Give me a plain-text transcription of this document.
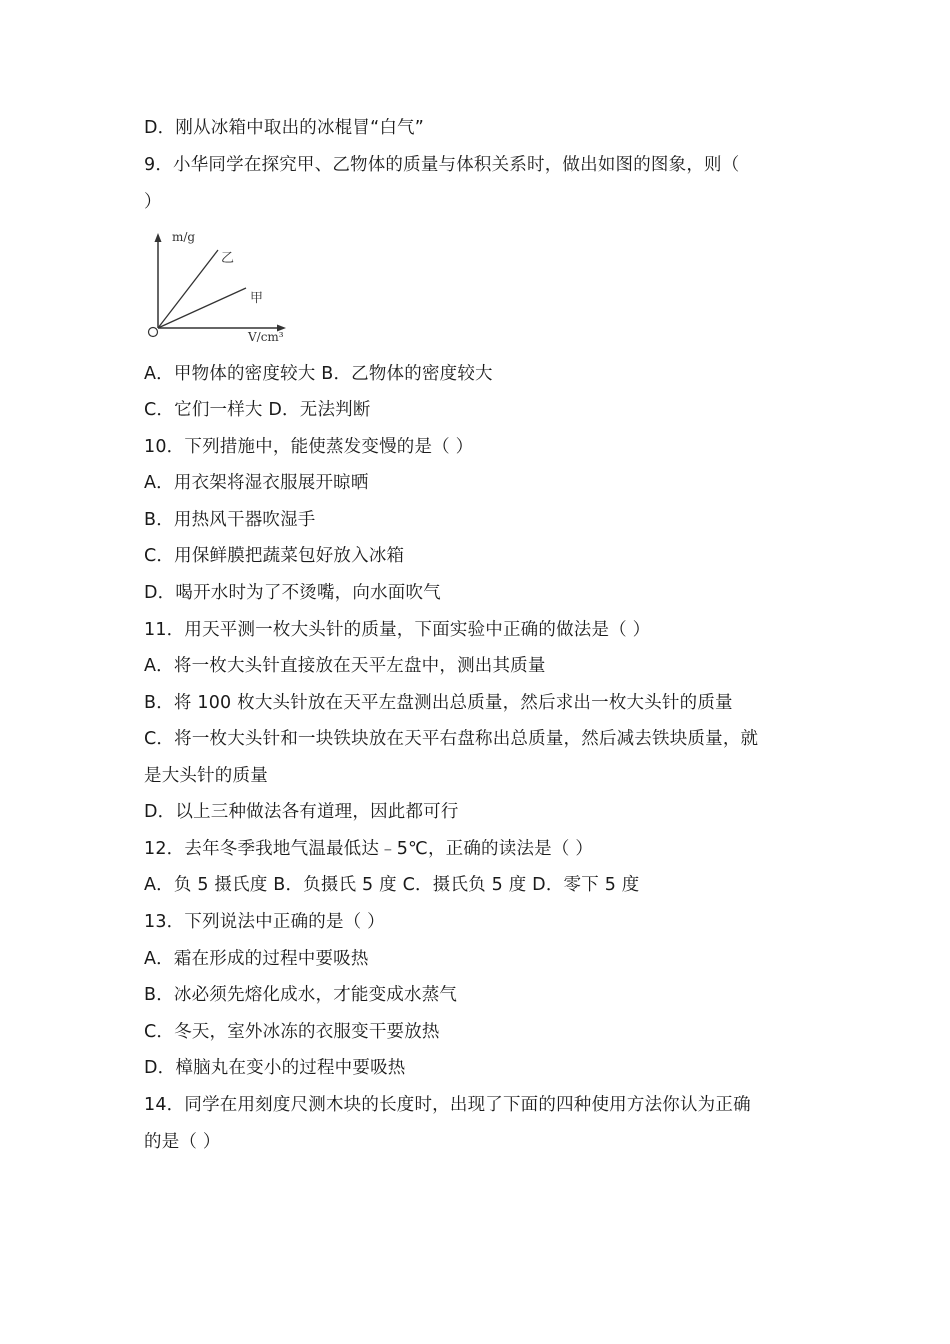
D．刚从冰箱中取出的冰棍冒“白气”
9．小华同学在探究甲、乙物体的质量与体积关系时，做出如图的图象，则（
）
m/g
V/cm³
乙
甲
A．甲物体的密度较大 B．乙物体的密度较大
C．它们一样大 D．无法判断
10．下列措施中，能使蒸发变慢的是（ ）
A．用衣架将湿衣服展开晾晒
B．用热风干器吹湿手
C．用保鲜膜把蔬菜包好放入冰箱
D．喝开水时为了不烫嘴，向水面吹气
11．用天平测一枚大头针的质量，下面实验中正确的做法是（ ）
A．将一枚大头针直接放在天平左盘中，测出其质量
B．将 100 枚大头针放在天平左盘测出总质量，然后求出一枚大头针的质量
C．将一枚大头针和一块铁块放在天平右盘称出总质量，然后减去铁块质量，就
是大头针的质量
D．以上三种做法各有道理，因此都可行
12．去年冬季我地气温最低达﹣5℃，正确的读法是（ ）
A．负 5 摄氏度 B．负摄氏 5 度 C．摄氏负 5 度 D．零下 5 度
13．下列说法中正确的是（ ）
A．霜在形成的过程中要吸热
B．冰必须先熔化成水，才能变成水蒸气
C．冬天，室外冰冻的衣服变干要放热
D．樟脑丸在变小的过程中要吸热
14．同学在用刻度尺测木块的长度时，出现了下面的四种使用方法你认为正确
的是（ ）
